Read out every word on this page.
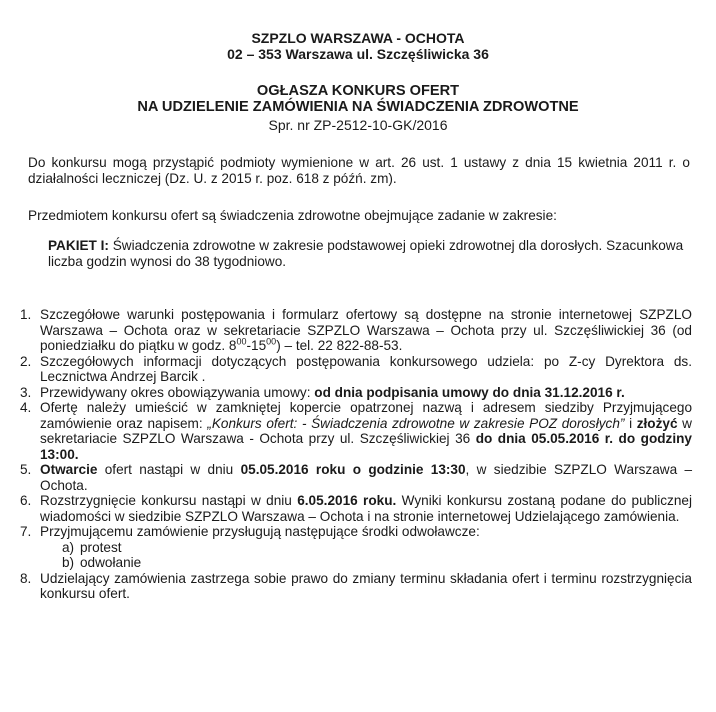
SZPZLO WARSZAWA - OCHOTA
02 – 353 Warszawa ul. Szczęśliwicka 36
OGŁASZA KONKURS OFERT
NA UDZIELENIE ZAMÓWIENIA NA ŚWIADCZENIA ZDROWOTNE
Spr. nr ZP-2512-10-GK/2016
Do konkursu mogą przystąpić podmioty wymienione w art. 26 ust. 1 ustawy z dnia 15 kwietnia 2011 r. o działalności leczniczej (Dz. U. z 2015 r. poz. 618 z późń. zm).
Przedmiotem konkursu ofert są świadczenia zdrowotne obejmujące zadanie w zakresie:
PAKIET I: Świadczenia zdrowotne w zakresie podstawowej opieki zdrowotnej dla dorosłych. Szacunkowa liczba godzin wynosi do 38 tygodniowo.
1. Szczegółowe warunki postępowania i formularz ofertowy są dostępne na stronie internetowej SZPZLO Warszawa – Ochota oraz w sekretariacie SZPZLO Warszawa – Ochota przy ul. Szczęśliwickiej 36 (od poniedziałku do piątku w godz. $8^{00}-15^{00}$) – tel. 22 822-88-53.
2. Szczegółowych informacji dotyczących postępowania konkursowego udziela: po Z-cy Dyrektora ds. Lecznictwa Andrzej Barcik .
3. Przewidywany okres obowiązywania umowy: od dnia podpisania umowy do dnia 31.12.2016 r.
4. Ofertę należy umieścić w zamkniętej kopercie opatrzonej nazwą i adresem siedziby Przyjmującego zamówienie oraz napisem: „Konkurs ofert: - Świadczenia zdrowotne w zakresie POZ dorosłych” i złożyć w sekretariacie SZPZLO Warszawa - Ochota przy ul. Szczęśliwickiej 36 do dnia 05.05.2016 r. do godziny 13:00.
5. Otwarcie ofert nastąpi w dniu 05.05.2016 roku o godzinie 13:30, w siedzibie SZPZLO Warszawa – Ochota.
6. Rozstrzygnięcie konkursu nastąpi w dniu 6.05.2016 roku. Wyniki konkursu zostaną podane do publicznej wiadomości w siedzibie SZPZLO Warszawa – Ochota i na stronie internetowej Udzielającego zamówienia.
7. Przyjmującemu zamówienie przysługują następujące środki odwoławcze:
a) protest
b) odwołanie
8. Udzielający zamówienia zastrzega sobie prawo do zmiany terminu składania ofert i terminu rozstrzygnięcia konkursu ofert.
